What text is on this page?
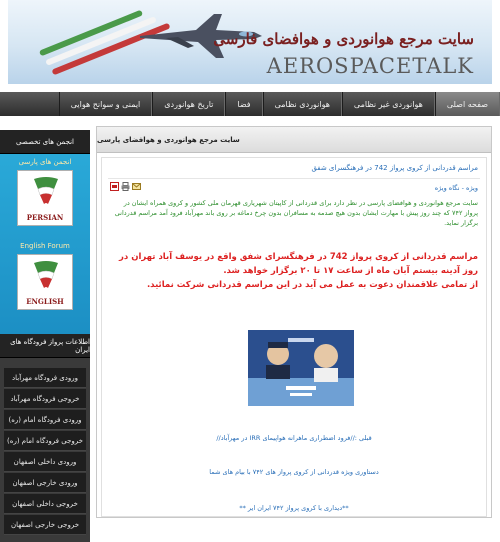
سایت مرجع هوانوردی و هوافضای فارسی
AEROSPACETALK
صفحه اصلی
هوانوردی غیر نظامی
هوانوردی نظامی
فضا
تاریخ هوانوردی
ایمنی و سوانح هوایی
انجمن های تخصصی
انجمن های پارسی
PERSIAN
English Forum
ENGLISH
اطلاعات پرواز فرودگاه های ایران
ورودی فرودگاه مهرآباد
خروجی فرودگاه مهرآباد
ورودی فرودگاه امام (ره)
خروجی فرودگاه امام (ره)
ورودی داخلی اصفهان
ورودی خارجی اصفهان
خروجی داخلی اصفهان
خروجی خارجی اصفهان
سایت مرجع هوانوردی و هوافضای پارسی
مراسم قدردانی از کروی پرواز 742 در فرهنگسرای شفق
ویژه - نگاه ویژه
سایت مرجع هوانوردی و هوافضای پارسی در نظر دارد برای قدردانی از کاپیتان شهریاری قهرمان ملی کشور و کروی همراه ایشان در پرواز ۷۴۲ که چند روز پیش با مهارت ایشان بدون هیچ صدمه به مسافران بدون چرخ دماغه بر روی باند مهرآباد فرود آمد مراسم قدردانی برگزار نماید.
مراسم قدردانی از کروی پرواز 742 در فرهنگسرای شفق واقع در یوسف آباد تهران در روز آدینه بیستم آبان ماه از ساعت ۱۷ تا ۲۰ برگزار خواهد شد.
از تمامی علاقمندان دعوت به عمل می آید در این مراسم قدردانی شرکت نمائید.
قبلی ://فرود اضطراری ماهرانه هواپیمای IRR در مهرآباد//
دستاوری ویژه قدردانی از کروی پرواز های ۷۴۲ با بیام های شما
**دیداری با کروی پرواز ۷۴۲ ایران ایر **
